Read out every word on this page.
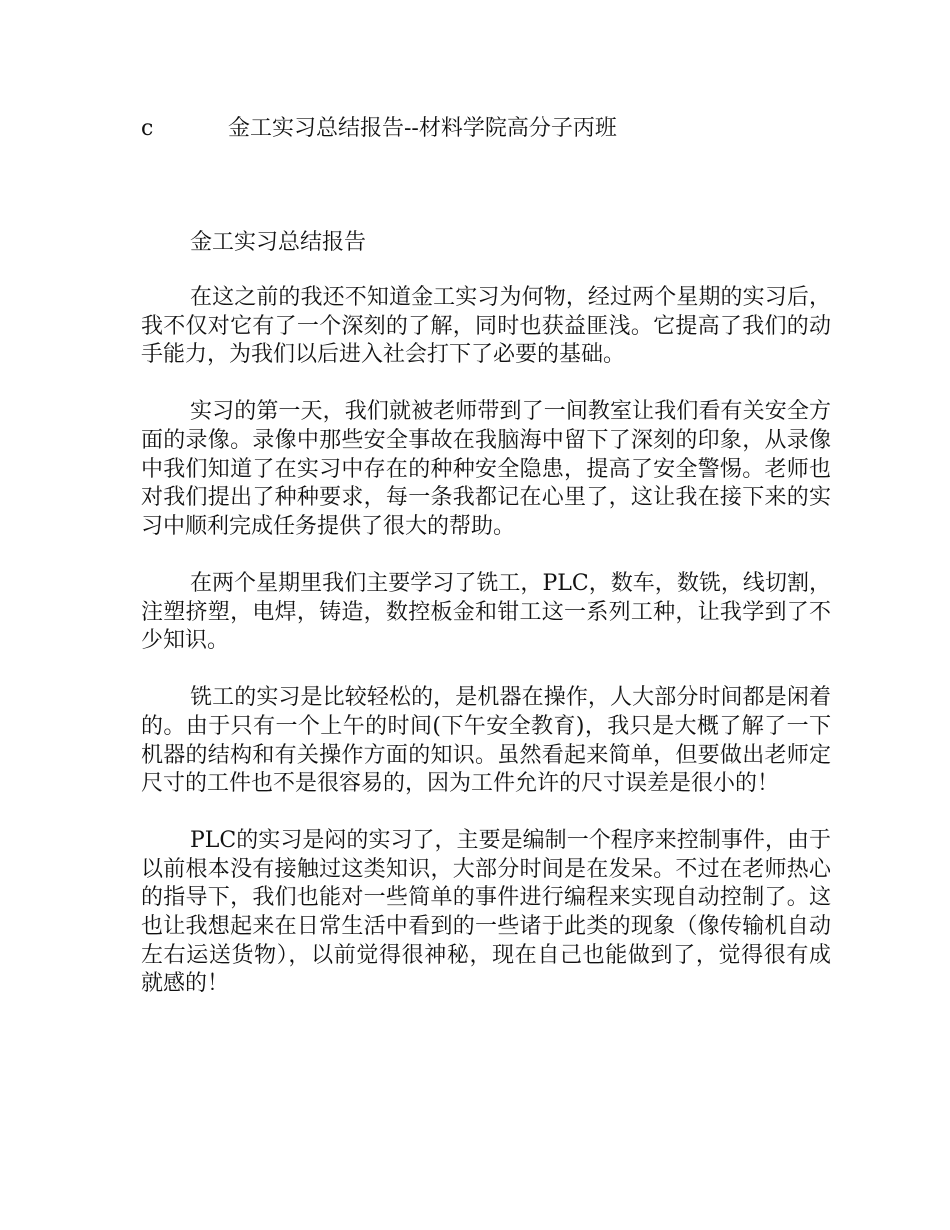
c	金工实习总结报告--材料学院高分子丙班
金工实习总结报告

在这之前的我还不知道金工实习为何物，经过两个星期的实习后，我不仅对它有了一个深刻的了解，同时也获益匪浅。它提高了我们的动手能力，为我们以后进入社会打下了必要的基础。

实习的第一天，我们就被老师带到了一间教室让我们看有关安全方面的录像。录像中那些安全事故在我脑海中留下了深刻的印象，从录像中我们知道了在实习中存在的种种安全隐患，提高了安全警惕。老师也对我们提出了种种要求，每一条我都记在心里了，这让我在接下来的实习中顺利完成任务提供了很大的帮助。

在两个星期里我们主要学习了铣工，PLC，数车，数铣，线切割，注塑挤塑，电焊，铸造，数控板金和钳工这一系列工种，让我学到了不少知识。

铣工的实习是比较轻松的，是机器在操作，人大部分时间都是闲着的。由于只有一个上午的时间(下午安全教育)，我只是大概了解了一下机器的结构和有关操作方面的知识。虽然看起来简单，但要做出老师定尺寸的工件也不是很容易的，因为工件允许的尺寸误差是很小的！

PLC的实习是闷的实习了，主要是编制一个程序来控制事件，由于以前根本没有接触过这类知识，大部分时间是在发呆。不过在老师热心的指导下，我们也能对一些简单的事件进行编程来实现自动控制了。这也让我想起来在日常生活中看到的一些诸于此类的现象（像传输机自动左右运送货物），以前觉得很神秘，现在自己也能做到了，觉得很有成就感的！
